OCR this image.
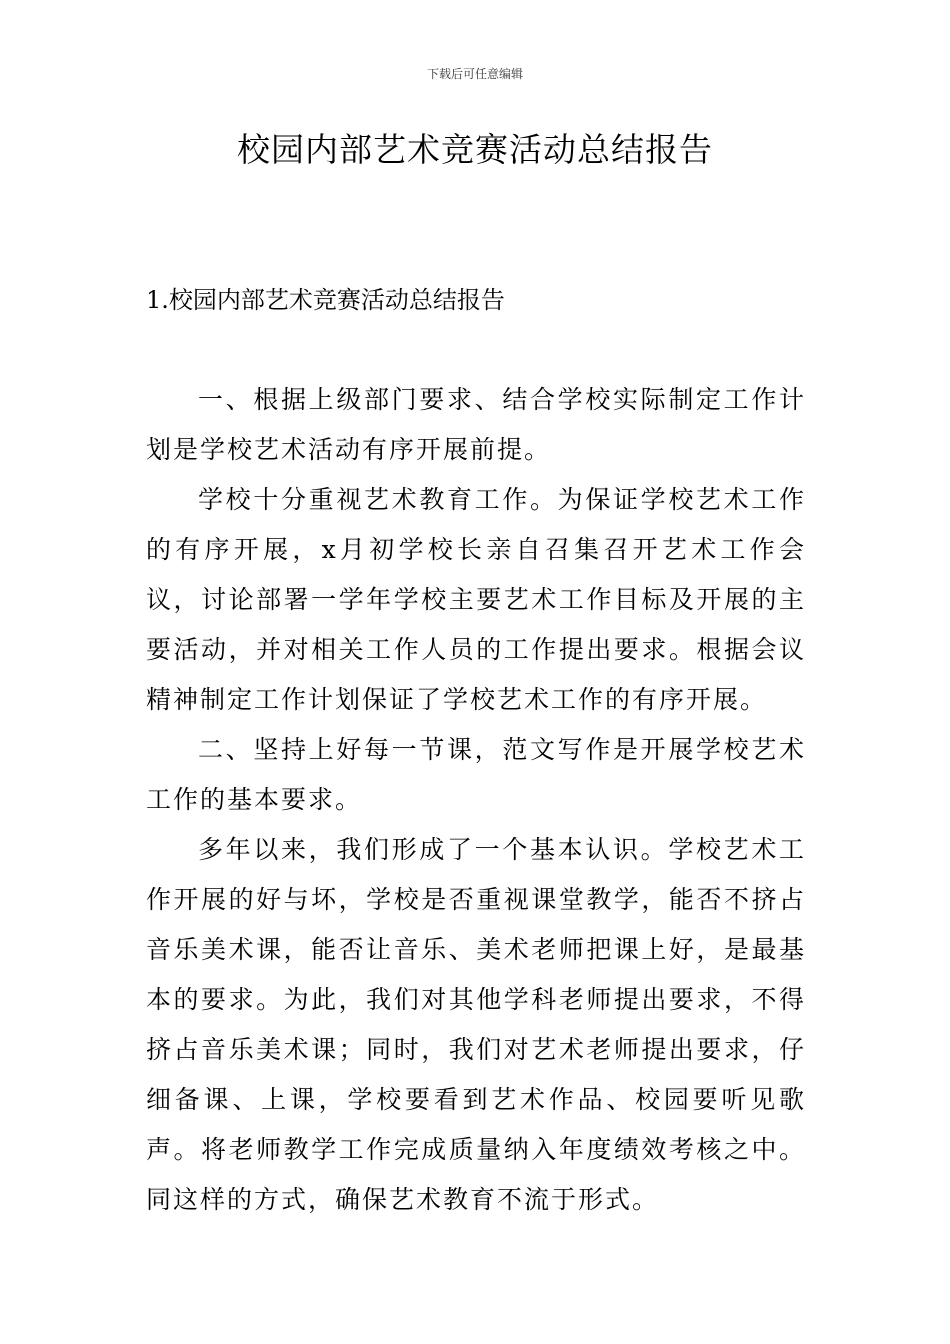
下载后可任意编辑
校园内部艺术竞赛活动总结报告
1.校园内部艺术竞赛活动总结报告

一、根据上级部门要求、结合学校实际制定工作计划是学校艺术活动有序开展前提。

学校十分重视艺术教育工作。为保证学校艺术工作的有序开展，x月初学校长亲自召集召开艺术工作会议，讨论部署一学年学校主要艺术工作目标及开展的主要活动，并对相关工作人员的工作提出要求。根据会议精神制定工作计划保证了学校艺术工作的有序开展。

二、坚持上好每一节课，范文写作是开展学校艺术工作的基本要求。

多年以来，我们形成了一个基本认识。学校艺术工作开展的好与坏，学校是否重视课堂教学，能否不挤占音乐美术课，能否让音乐、美术老师把课上好，是最基本的要求。为此，我们对其他学科老师提出要求，不得挤占音乐美术课；同时，我们对艺术老师提出要求，仔细备课、上课，学校要看到艺术作品、校园要听见歌声。将老师教学工作完成质量纳入年度绩效考核之中。同这样的方式，确保艺术教育不流于形式。
